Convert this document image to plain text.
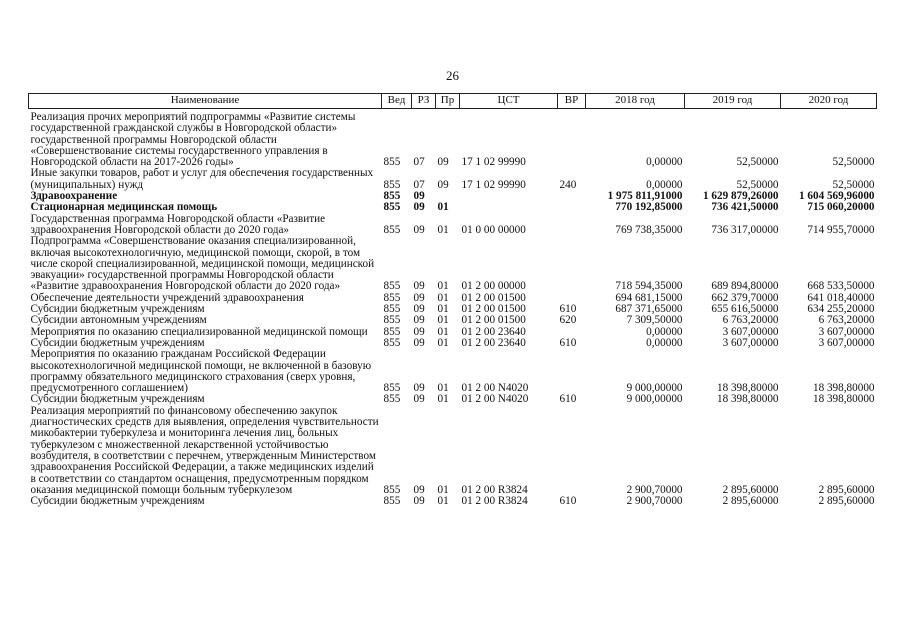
26
Наименование	Вед	РЗ	Пр	ЦСТ	ВР	2018 год	2019 год	2020 год
Реализация прочих мероприятий подпрограммы «Развитие системы государственной гражданской службы в Новгородской области» государственной программы Новгородской области «Совершенствование системы государственного управления в Новгородской области на 2017-2026 годы»	855	07	09	17 1 02 99990		0,00000	52,50000	52,50000
Иные закупки товаров, работ и услуг для обеспечения государственных (муниципальных) нужд	855	07	09	17 1 02 99990	240	0,00000	52,50000	52,50000
Здравоохранение	855	09				1 975 811,91000	1 629 879,26000	1 604 569,96000
Стационарная медицинская помощь	855	09	01			770 192,85000	736 421,50000	715 060,20000
Государственная программа Новгородской области «Развитие здравоохранения Новгородской области до 2020 года»	855	09	01	01 0 00 00000		769 738,35000	736 317,00000	714 955,70000
Подпрограмма «Совершенствование оказания специализированной, включая высокотехнологичную, медицинской помощи, скорой, в том числе скорой специализированной, медицинской помощи, медицинской эвакуации» государственной программы Новгородской области «Развитие здравоохранения Новгородской области до 2020 года»	855	09	01	01 2 00 00000		718 594,35000	689 894,80000	668 533,50000
Обеспечение деятельности учреждений здравоохранения	855	09	01	01 2 00 01500		694 681,15000	662 379,70000	641 018,40000
Субсидии бюджетным учреждениям	855	09	01	01 2 00 01500	610	687 371,65000	655 616,50000	634 255,20000
Субсидии автономным учреждениям	855	09	01	01 2 00 01500	620	7 309,50000	6 763,20000	6 763,20000
Мероприятия по оказанию специализированной медицинской помощи	855	09	01	01 2 00 23640		0,00000	3 607,00000	3 607,00000
Субсидии бюджетным учреждениям	855	09	01	01 2 00 23640	610	0,00000	3 607,00000	3 607,00000
Мероприятия по оказанию гражданам Российской Федерации высокотехнологичной медицинской помощи, не включенной в базовую программу обязательного медицинского страхования (сверх уровня, предусмотренного соглашением)	855	09	01	01 2 00 N4020		9 000,00000	18 398,80000	18 398,80000
Субсидии бюджетным учреждениям	855	09	01	01 2 00 N4020	610	9 000,00000	18 398,80000	18 398,80000
Реализация мероприятий по финансовому обеспечению закупок диагностических средств для выявления, определения чувствительности микобактерии туберкулеза и мониторинга лечения лиц, больных туберкулезом с множественной лекарственной устойчивостью возбудителя, в соответствии с перечнем, утвержденным Министерством здравоохранения Российской Федерации, а также медицинских изделий в соответствии со стандартом оснащения, предусмотренным порядком оказания медицинской помощи больным туберкулезом	855	09	01	01 2 00 R3824		2 900,70000	2 895,60000	2 895,60000
Субсидии бюджетным учреждениям	855	09	01	01 2 00 R3824	610	2 900,70000	2 895,60000	2 895,60000
